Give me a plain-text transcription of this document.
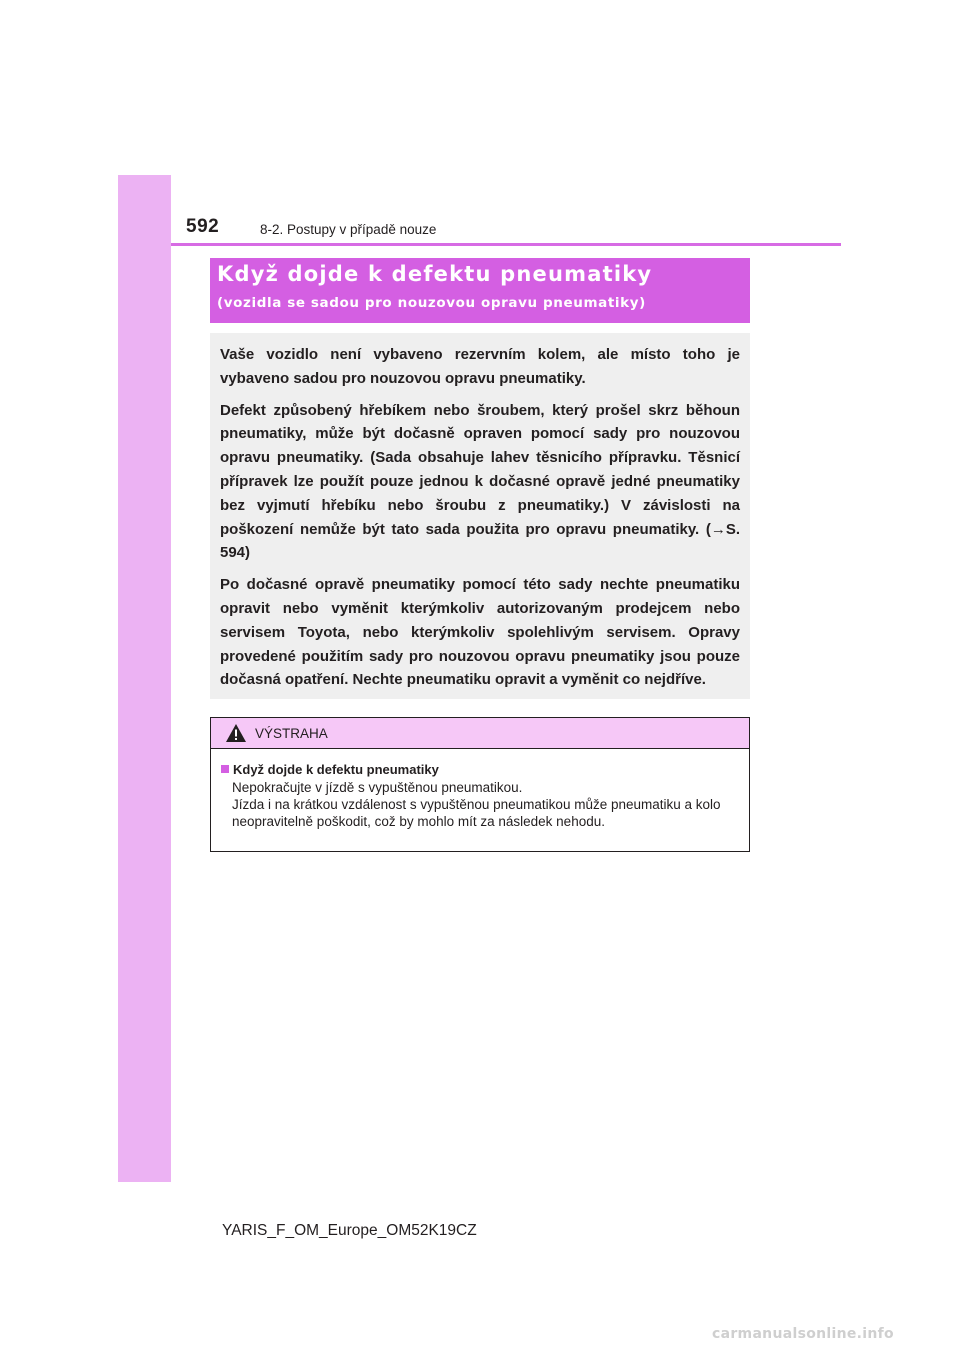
592	8-2. Postupy v případě nouze
Když dojde k defektu pneumatiky
(vozidla se sadou pro nouzovou opravu pneumatiky)

Vaše vozidlo není vybaveno rezervním kolem, ale místo toho je vybaveno sadou pro nouzovou opravu pneumatiky.

Defekt způsobený hřebíkem nebo šroubem, který prošel skrz běhoun pneumatiky, může být dočasně opraven pomocí sady pro nouzovou opravu pneumatiky. (Sada obsahuje lahev těsnicího přípravku. Těsnicí přípravek lze použít pouze jednou k dočasné opravě jedné pneumatiky bez vyjmutí hřebíku nebo šroubu z pneumatiky.) V závislosti na poškození nemůže být tato sada použita pro opravu pneumatiky. (→S. 594)

Po dočasné opravě pneumatiky pomocí této sady nechte pneumatiku opravit nebo vyměnit kterýmkoliv autorizovaným prodejcem nebo servisem Toyota, nebo kterýmkoliv spolehlivým servisem. Opravy provedené použitím sady pro nouzovou opravu pneumatiky jsou pouze dočasná opatření. Nechte pneumatiku opravit a vyměnit co nejdříve.

VÝSTRAHA
Když dojde k defektu pneumatiky
Nepokračujte v jízdě s vypuštěnou pneumatikou.
Jízda i na krátkou vzdálenost s vypuštěnou pneumatikou může pneumatiku a kolo neopravitelně poškodit, což by mohlo mít za následek nehodu.
YARIS_F_OM_Europe_OM52K19CZ
carmanualsonline.info
